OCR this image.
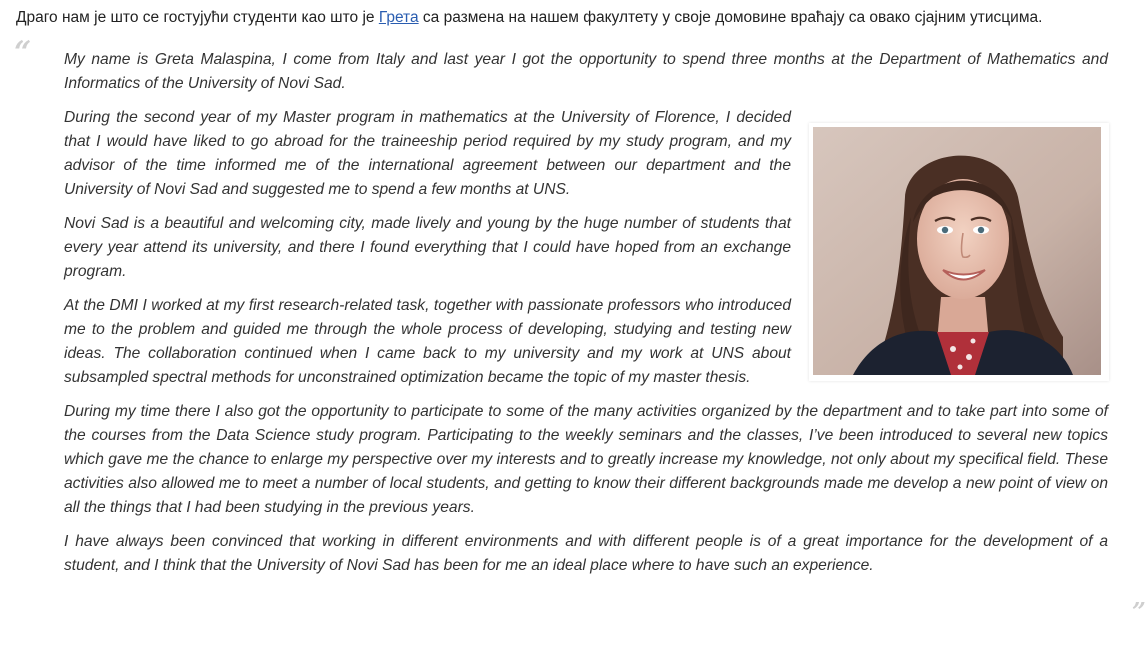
Драго нам је што се гостујући студенти као што је Грета са размена на нашем факултету у своје домовине враћају са овако сјајним утисцима.
“ My name is Greta Malaspina, I come from Italy and last year I got the opportunity to spend three months at the Department of Mathematics and Informatics of the University of Novi Sad.

During the second year of my Master program in mathematics at the University of Florence, I decided that I would have liked to go abroad for the traineeship period required by my study program, and my advisor of the time informed me of the international agreement between our department and the University of Novi Sad and suggested me to spend a few months at UNS.

Novi Sad is a beautiful and welcoming city, made lively and young by the huge number of students that every year attend its university, and there I found everything that I could have hoped from an exchange program.

At the DMI I worked at my first research-related task, together with passionate professors who introduced me to the problem and guided me through the whole process of developing, studying and testing new ideas. The collaboration continued when I came back to my university and my work at UNS about subsampled spectral methods for unconstrained optimization became the topic of my master thesis.

During my time there I also got the opportunity to participate to some of the many activities organized by the department and to take part into some of the courses from the Data Science study program. Participating to the weekly seminars and the classes, I’ve been introduced to several new topics which gave me the chance to enlarge my perspective over my interests and to greatly increase my knowledge, not only about my specifical field. These activities also allowed me to meet a number of local students, and getting to know their different backgrounds made me develop a new point of view on all the things that I had been studying in the previous years.

I have always been convinced that working in different environments and with different people is of a great importance for the development of a student, and I think that the University of Novi Sad has been for me an ideal place where to have such an experience.

”
